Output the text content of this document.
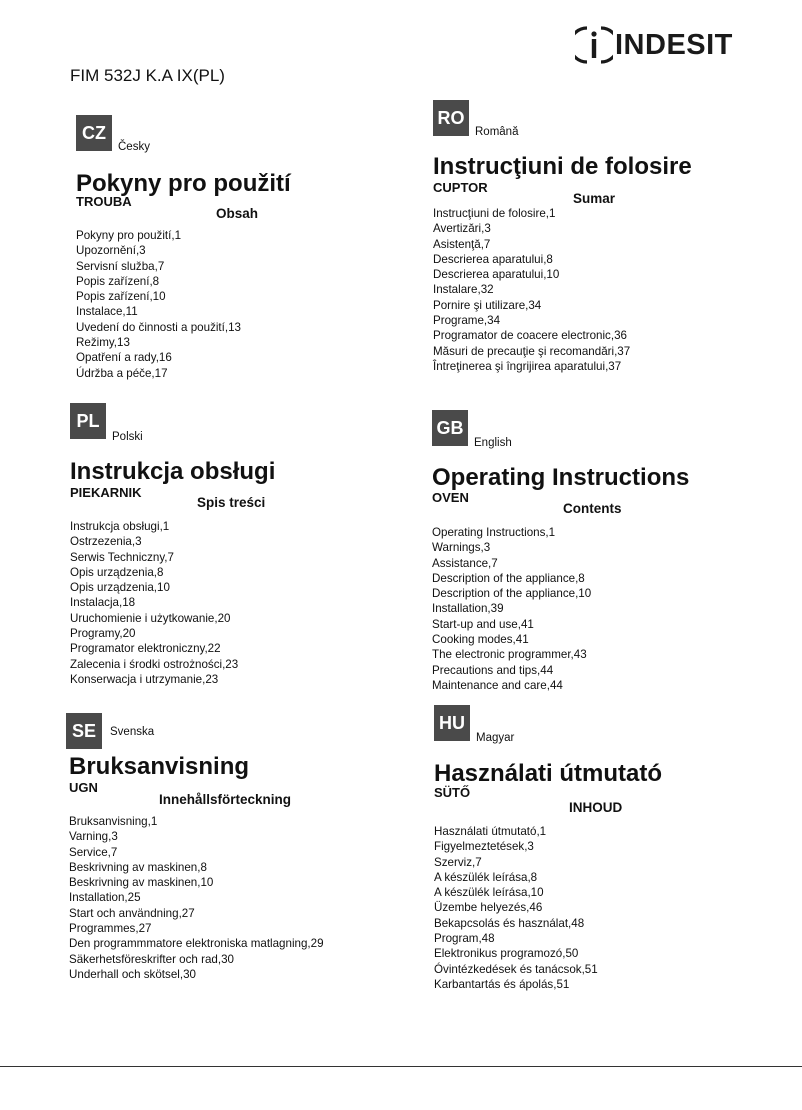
INDESIT
FIM 532J K.A IX(PL)
CZ
Česky
Pokyny pro použití
TROUBA
Obsah
Pokyny pro použití,1
Upozornění,3
Servisní služba,7
Popis zařízení,8
Popis zařízení,10
Instalace,11
Uvedení do činnosti a použití,13
Režimy,13
Opatření a rady,16
Údržba a péče,17
PL
Polski
Instrukcja obsługi
PIEKARNIK
Spis treści
Instrukcja obsługi,1
Ostrzezenia,3
Serwis Techniczny,7
Opis urządzenia,8
Opis urządzenia,10
Instalacja,18
Uruchomienie i użytkowanie,20
Programy,20
Programator elektroniczny,22
Zalecenia i środki ostrożności,23
Konserwacja i utrzymanie,23
SE	Svenska
Bruksanvisning
UGN
Innehållsförteckning
Bruksanvisning,1
Varning,3
Service,7
Beskrivning av maskinen,8
Beskrivning av maskinen,10
Installation,25
Start och användning,27
Programmes,27
Den programmmatore elektroniska matlagning,29
Säkerhetsföreskrifter och rad,30
Underhall och skötsel,30
RO
Română
Instrucţiuni de folosire
CUPTOR
Sumar
Instrucţiuni de folosire,1
Avertizări,3
Asistenţă,7
Descrierea aparatului,8
Descrierea aparatului,10
Instalare,32
Pornire şi utilizare,34
Programe,34
Programator de coacere electronic,36
Măsuri de precauţie şi recomandări,37
Întreţinerea şi îngrijirea aparatului,37
GB
English
Operating Instructions
OVEN
Contents
Operating Instructions,1
Warnings,3
Assistance,7
Description of the appliance,8
Description of the appliance,10
Installation,39
Start-up and use,41
Cooking modes,41
The electronic programmer,43
Precautions and tips,44
Maintenance and care,44
HU
Magyar
Használati útmutató
SÜTŐ
INHOUD
Használati útmutató,1
Figyelmeztetések,3
Szerviz,7
A készülék leírása,8
A készülék leírása,10
Üzembe helyezés,46
Bekapcsolás és használat,48
Program,48
Elektronikus programozó,50
Óvintézkedések és tanácsok,51
Karbantartás és ápolás,51
